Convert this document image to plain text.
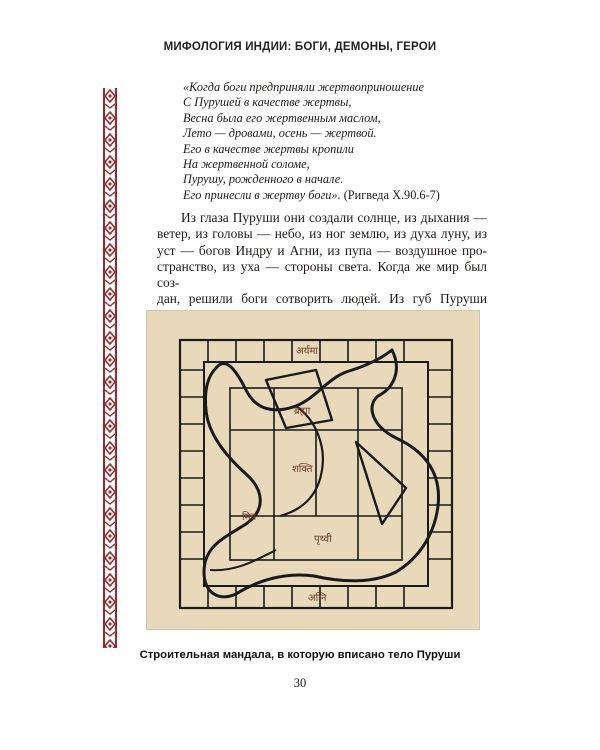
МИФОЛОГИЯ ИНДИИ: БОГИ, ДЕМОНЫ, ГЕРОИ
«Когда боги предприняли жертвоприношение
С Пурушей в качестве жертвы,
Весна была его жертвенным маслом,
Лето — дровами, осень — жертвой.
Его в качестве жертвы кропили
На жертвенной соломе,
Пурушу, рожденного в начале.
Его принесли в жертву боги». (Ригведа X.90.6-7)

Из глаза Пуруши они создали солнце, из дыхания —

ветер, из головы — небо, из ног землю, из духа луну, из

уст — богов Индру и Агни, из пупа — воздушное про-

странство, из уха — стороны света. Когда же мир был соз-

дан, решили боги сотворить людей. Из губ Пуруши

अर्यमा
अग्नि
ब्रह्मा
शक्ति
मित्र
पृथ्वी
Строительная мандала, в которую вписано тело Пуруши
30
